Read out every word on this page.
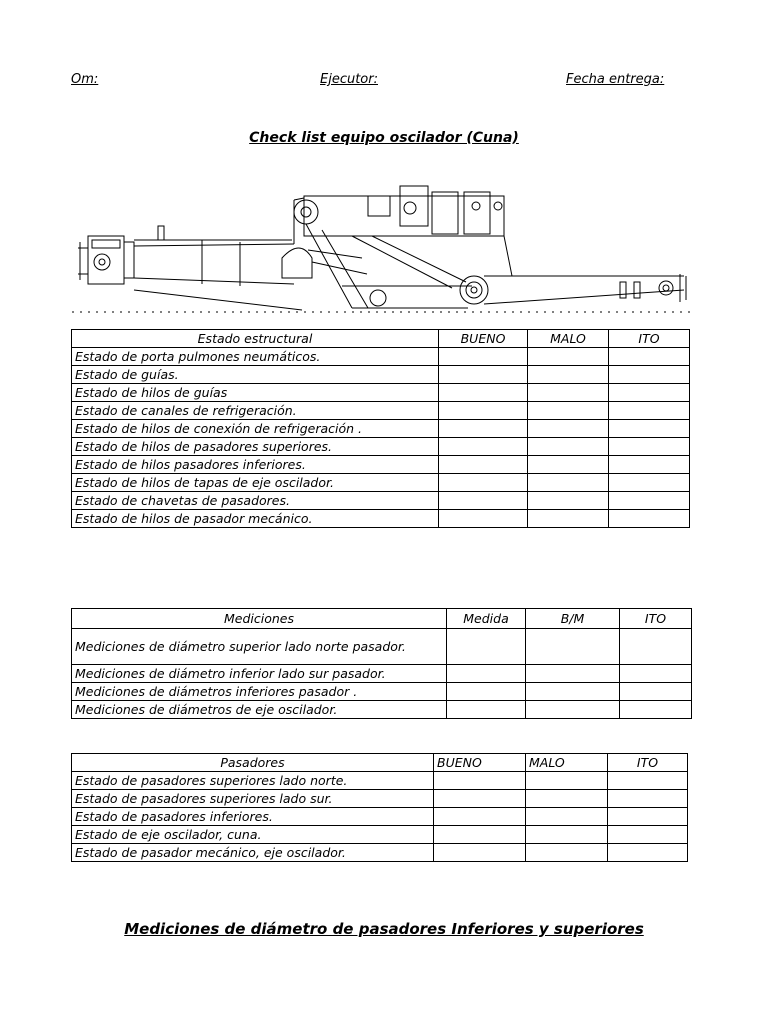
Om:	Ejecutor:	Fecha entrega:
Check list equipo oscilador (Cuna)
Estado estructural	BUENO	MALO	ITO
Estado de porta pulmones neumáticos.			
Estado de guías.			
Estado de hilos de guías			
Estado de canales de refrigeración.			
Estado de hilos de conexión de refrigeración .			
Estado de hilos de pasadores superiores.			
Estado de hilos pasadores inferiores.			
Estado de hilos de tapas de eje oscilador.			
Estado de chavetas de pasadores.			
Estado de hilos de pasador mecánico.			
Mediciones	Medida	B/M	ITO
Mediciones de diámetro superior lado norte pasador.			
Mediciones de diámetro inferior lado sur pasador.			
Mediciones de diámetros inferiores pasador .			
Mediciones de diámetros de eje oscilador.			
Pasadores	BUENO	MALO	ITO
Estado de pasadores superiores lado norte.			
Estado de pasadores superiores lado sur.			
Estado de pasadores inferiores.			
Estado de eje oscilador, cuna.			
Estado de pasador mecánico, eje oscilador.			
Mediciones de diámetro de pasadores Inferiores y superiores
